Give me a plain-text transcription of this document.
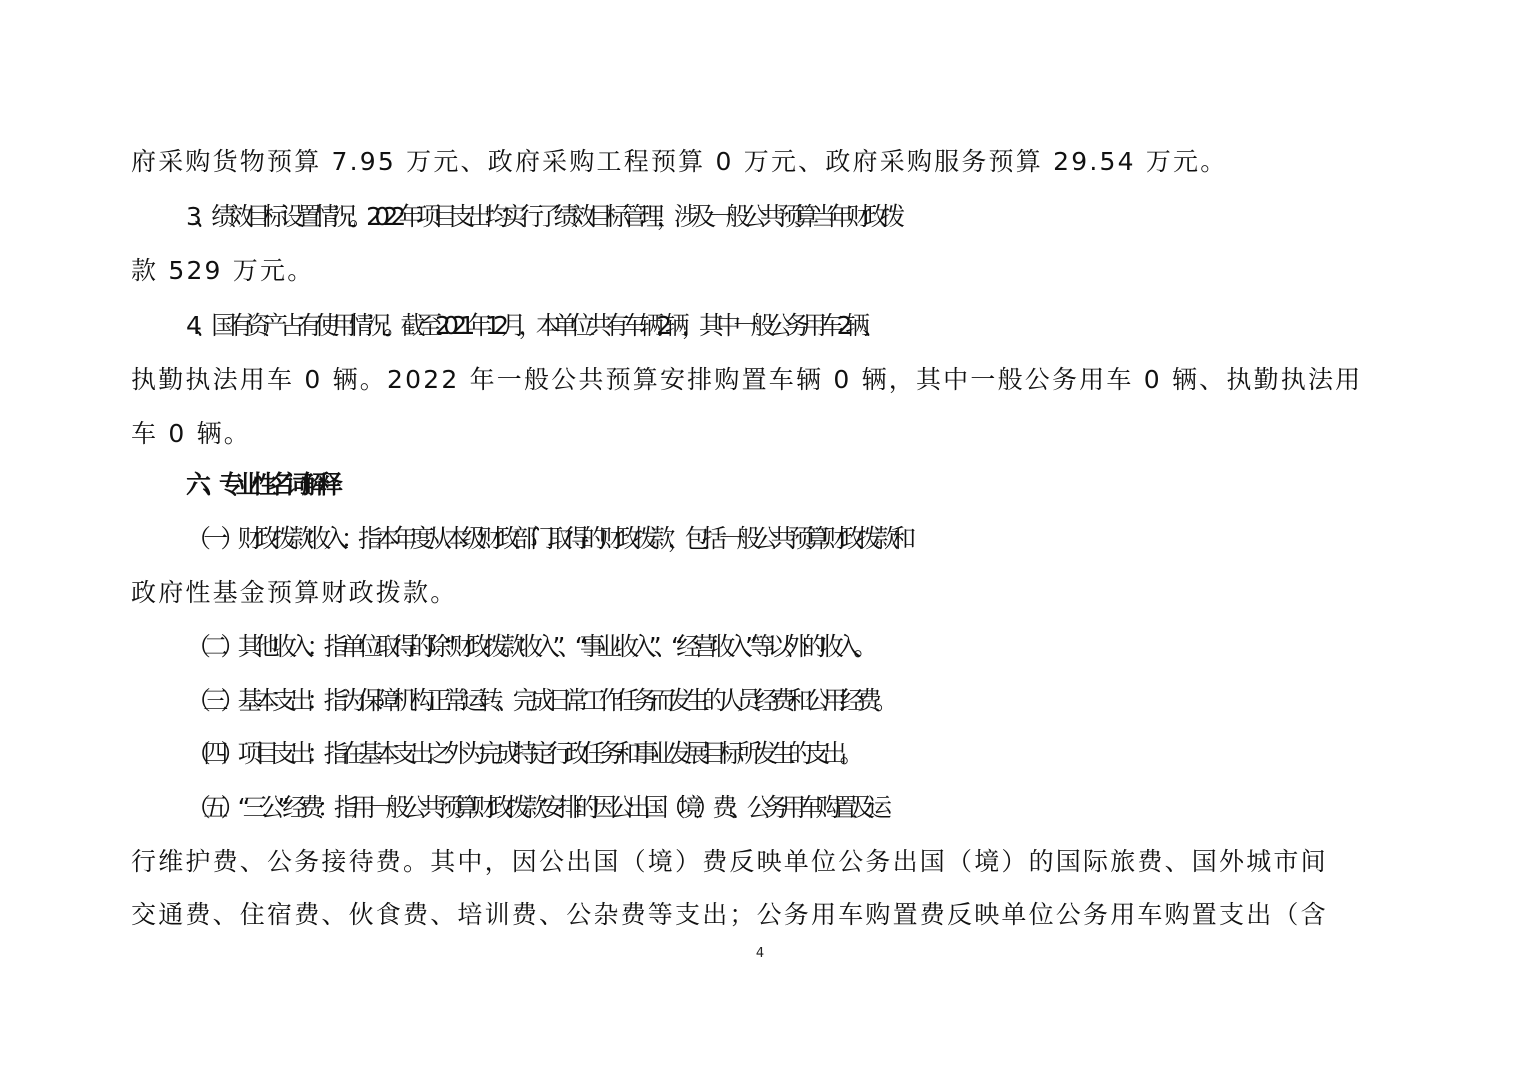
府采购货物预算 7.95 万元、政府采购工程预算 0 万元、政府采购服务预算 29.54 万元。
3、绩效目标设置情况。2022 年项目支出均实行了绩效目标管理，涉及一般公共预算当年财政拨
款 529 万元。
4、国有资产占有使用情况。截至 2021 年 12 月，本单位共有车辆 2 辆，其中一般公务用车 2 辆、
执勤执法用车 0 辆。2022 年一般公共预算安排购置车辆 0 辆，其中一般公务用车 0 辆、执勤执法用
车 0 辆。
六、专业性名词解释
（一）财政拨款收入：指本年度从本级财政部门取得的财政拨款，包括一般公共预算财政拨款和
政府性基金预算财政拨款。
（二）其他收入：指单位取得的除“财政拨款收入”、“事业收入”、“经营收入”等以外的收入。
（三）基本支出：指为保障机构正常运转、完成日常工作任务而发生的人员经费和公用经费。
（四）项目支出：指在基本支出之外为完成特定行政任务和事业发展目标所发生的支出。
（五）“三公”经费：指用一般公共预算财政拨款安排的因公出国（境）费、公务用车购置及运
行维护费、公务接待费。其中，因公出国（境）费反映单位公务出国（境）的国际旅费、国外城市间
交通费、住宿费、伙食费、培训费、公杂费等支出；公务用车购置费反映单位公务用车购置支出（含
4
